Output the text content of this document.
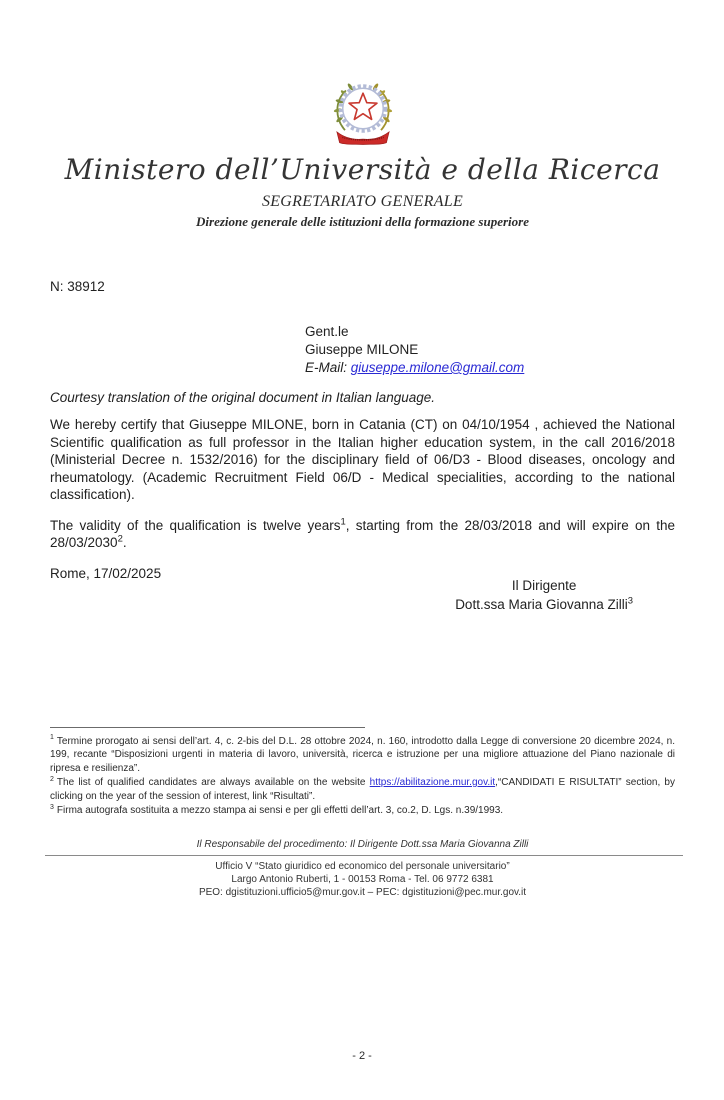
Ministero dell’Università e della Ricerca
SEGRETARIATO GENERALE
Direzione generale delle istituzioni della formazione superiore
N: 38912
Gent.le
Giuseppe MILONE
E-Mail: giuseppe.milone@gmail.com
Courtesy translation of the original document in Italian language.
We hereby certify that Giuseppe MILONE, born in Catania (CT) on 04/10/1954 , achieved the National Scientific qualification as full professor in the Italian higher education system, in the call 2016/2018 (Ministerial Decree n. 1532/2016) for the disciplinary field of 06/D3 - Blood diseases, oncology and rheumatology. (Academic Recruitment Field 06/D - Medical specialities, according to the national classification).
The validity of the qualification is twelve years$^1$, starting from the 28/03/2018 and will expire on the 28/03/2030$^2$.
Rome, 17/02/2025
Il Dirigente
Dott.ssa Maria Giovanna Zilli$^3$
$^1$ Termine prorogato ai sensi dell’art. 4, c. 2-bis del D.L. 28 ottobre 2024, n. 160, introdotto dalla Legge di conversione 20 dicembre 2024, n. 199, recante “Disposizioni urgenti in materia di lavoro, università, ricerca e istruzione per una migliore attuazione del Piano nazionale di ripresa e resilienza”.
$^2$ The list of qualified candidates are always available on the website https://abilitazione.mur.gov.it,“CANDIDATI E RISULTATI” section, by clicking on the year of the session of interest, link “Risultati”.
$^3$ Firma autografa sostituita a mezzo stampa ai sensi e per gli effetti dell’art. 3, co.2, D. Lgs. n.39/1993.
Il Responsabile del procedimento: Il Dirigente Dott.ssa Maria Giovanna Zilli
Ufficio V “Stato giuridico ed economico del personale universitario”
Largo Antonio Ruberti, 1 - 00153 Roma - Tel. 06 9772 6381
PEO: dgistituzioni.ufficio5@mur.gov.it – PEC: dgistituzioni@pec.mur.gov.it
- 2 -
